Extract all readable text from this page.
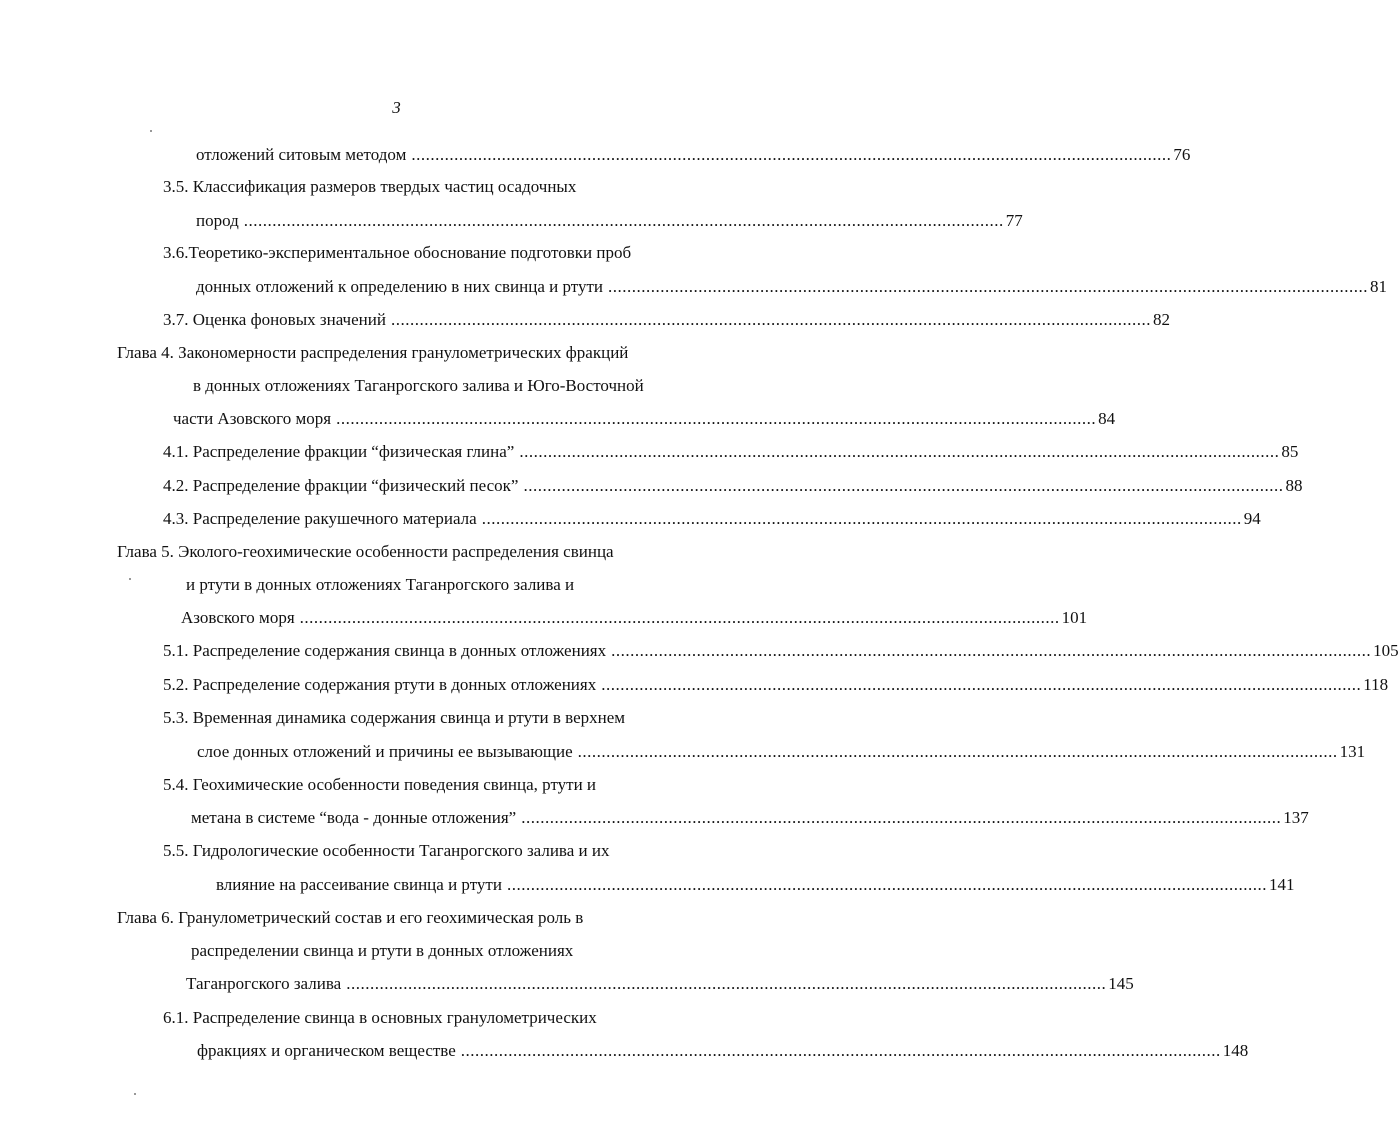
3
отложений ситовым методом ................................................................................................................................................................ 76
3.5. Классификация размеров твердых частиц осадочных
пород ................................................................................................................................................................ 77
3.6.Теоретико-экспериментальное обоснование подготовки проб
донных отложений к определению в них свинца и ртути ................................................................................................................................................................ 81
3.7. Оценка фоновых значений ................................................................................................................................................................ 82
Глава 4. Закономерности распределения гранулометрических фракций
в донных отложениях Таганрогского залива и Юго-Восточной
части Азовского моря ................................................................................................................................................................ 84
4.1. Распределение фракции “физическая глина” ................................................................................................................................................................ 85
4.2. Распределение фракции “физический песок” ................................................................................................................................................................ 88
4.3. Распределение ракушечного материала ................................................................................................................................................................ 94
Глава 5. Эколого-геохимические особенности распределения свинца
и ртути в донных отложениях Таганрогского залива и
Азовского моря ................................................................................................................................................................ 101
5.1. Распределение содержания свинца в донных отложениях ................................................................................................................................................................ 105
5.2. Распределение содержания ртути в донных отложениях ................................................................................................................................................................ 118
5.3. Временная динамика содержания свинца и ртути в верхнем
слое донных отложений и причины ее вызывающие ................................................................................................................................................................ 131
5.4. Геохимические особенности поведения свинца, ртути и
метана в системе “вода - донные отложения” ................................................................................................................................................................ 137
5.5. Гидрологические особенности Таганрогского залива и их
влияние на рассеивание свинца и ртути ................................................................................................................................................................ 141
Глава 6. Гранулометрический состав и его геохимическая роль в
распределении свинца и ртути в донных отложениях
Таганрогского залива ................................................................................................................................................................ 145
6.1. Распределение свинца в основных гранулометрических
фракциях и органическом веществе ................................................................................................................................................................ 148
